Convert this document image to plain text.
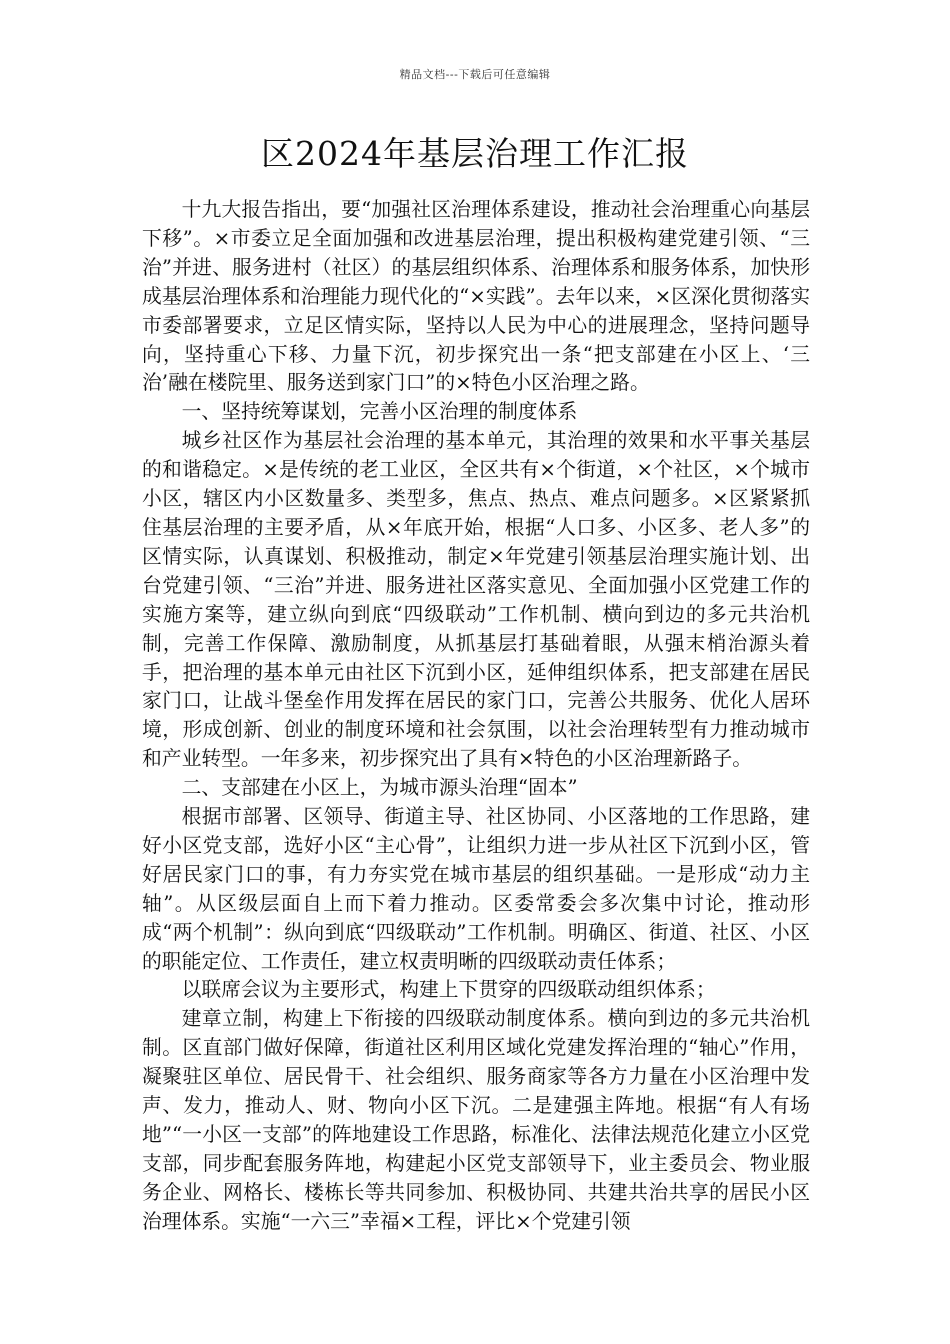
精品文档---下载后可任意编辑
区2024年基层治理工作汇报

十九大报告指出，要“加强社区治理体系建设，推动社会治理重心向基层下移”。×市委立足全面加强和改进基层治理，提出积极构建党建引领、“三治”并进、服务进村（社区）的基层组织体系、治理体系和服务体系，加快形成基层治理体系和治理能力现代化的“×实践”。去年以来，×区深化贯彻落实市委部署要求，立足区情实际，坚持以人民为中心的进展理念，坚持问题导向，坚持重心下移、力量下沉，初步探究出一条“把支部建在小区上、‘三治’融在楼院里、服务送到家门口”的×特色小区治理之路。

一、坚持统筹谋划，完善小区治理的制度体系

城乡社区作为基层社会治理的基本单元，其治理的效果和水平事关基层的和谐稳定。×是传统的老工业区，全区共有×个街道，×个社区，×个城市小区，辖区内小区数量多、类型多，焦点、热点、难点问题多。×区紧紧抓住基层治理的主要矛盾，从×年底开始，根据“人口多、小区多、老人多”的区情实际，认真谋划、积极推动，制定×年党建引领基层治理实施计划、出台党建引领、“三治”并进、服务进社区落实意见、全面加强小区党建工作的实施方案等，建立纵向到底“四级联动”工作机制、横向到边的多元共治机制，完善工作保障、激励制度，从抓基层打基础着眼，从强末梢治源头着手，把治理的基本单元由社区下沉到小区，延伸组织体系，把支部建在居民家门口，让战斗堡垒作用发挥在居民的家门口，完善公共服务、优化人居环境，形成创新、创业的制度环境和社会氛围，以社会治理转型有力推动城市和产业转型。一年多来，初步探究出了具有×特色的小区治理新路子。

二、支部建在小区上，为城市源头治理“固本”

根据市部署、区领导、街道主导、社区协同、小区落地的工作思路，建好小区党支部，选好小区“主心骨”，让组织力进一步从社区下沉到小区，管好居民家门口的事，有力夯实党在城市基层的组织基础。一是形成“动力主轴”。从区级层面自上而下着力推动。区委常委会多次集中讨论，推动形成“两个机制”：纵向到底“四级联动”工作机制。明确区、街道、社区、小区的职能定位、工作责任，建立权责明晰的四级联动责任体系；

以联席会议为主要形式，构建上下贯穿的四级联动组织体系；

建章立制，构建上下衔接的四级联动制度体系。横向到边的多元共治机制。区直部门做好保障，街道社区利用区域化党建发挥治理的“轴心”作用，凝聚驻区单位、居民骨干、社会组织、服务商家等各方力量在小区治理中发声、发力，推动人、财、物向小区下沉。二是建强主阵地。根据“有人有场地”“一小区一支部”的阵地建设工作思路，标准化、法律法规范化建立小区党支部，同步配套服务阵地，构建起小区党支部领导下，业主委员会、物业服务企业、网格长、楼栋长等共同参加、积极协同、共建共治共享的居民小区治理体系。实施“一六三”幸福×工程，评比×个党建引领
